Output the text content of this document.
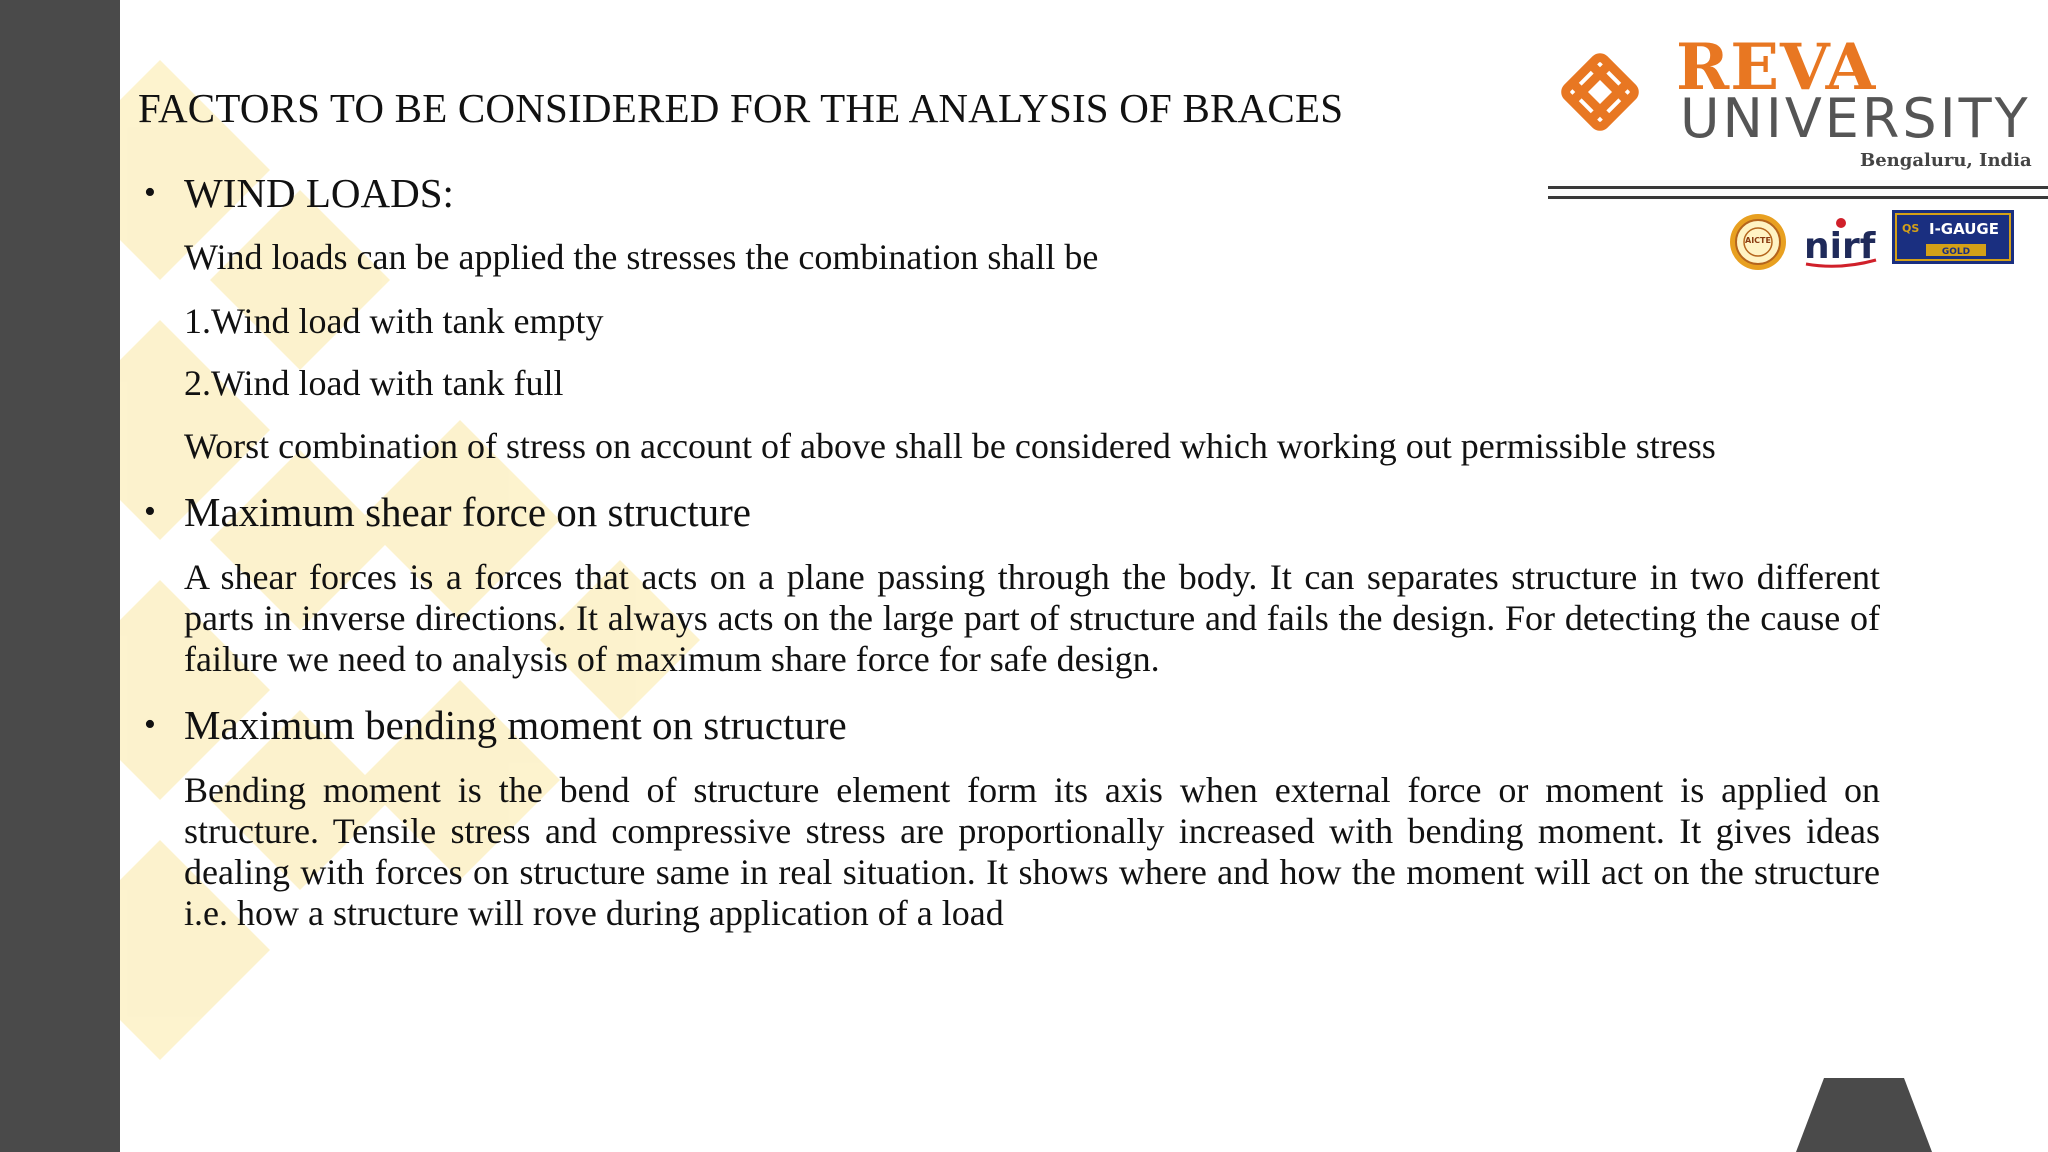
FACTORS TO BE CONSIDERED FOR THE ANALYSIS OF BRACES
• WIND LOADS:
Wind loads can be applied the stresses the combination shall be
1.Wind load with tank empty
2.Wind load with tank full
Worst combination of stress on account of above shall be considered which working out permissible stress
• Maximum shear force on structure

A shear forces is a forces that acts on a plane passing through the body. It can separates structure in two different parts in inverse directions. It always acts on the large part of structure and fails the design. For detecting the cause of failure we need to analysis of maximum share force for safe design.

• Maximum bending moment on structure

Bending moment is the bend of structure element form its axis when external force or moment is applied on structure. Tensile stress and compressive stress are proportionally increased with bending moment. It gives ideas dealing with forces on structure same in real situation. It shows where and how the moment will act on the structure i.e. how a structure will rove during application of a load

REVA
UNIVERSITY
Bengaluru, India
AICTE nirf QS I-GAUGE
GOLD
